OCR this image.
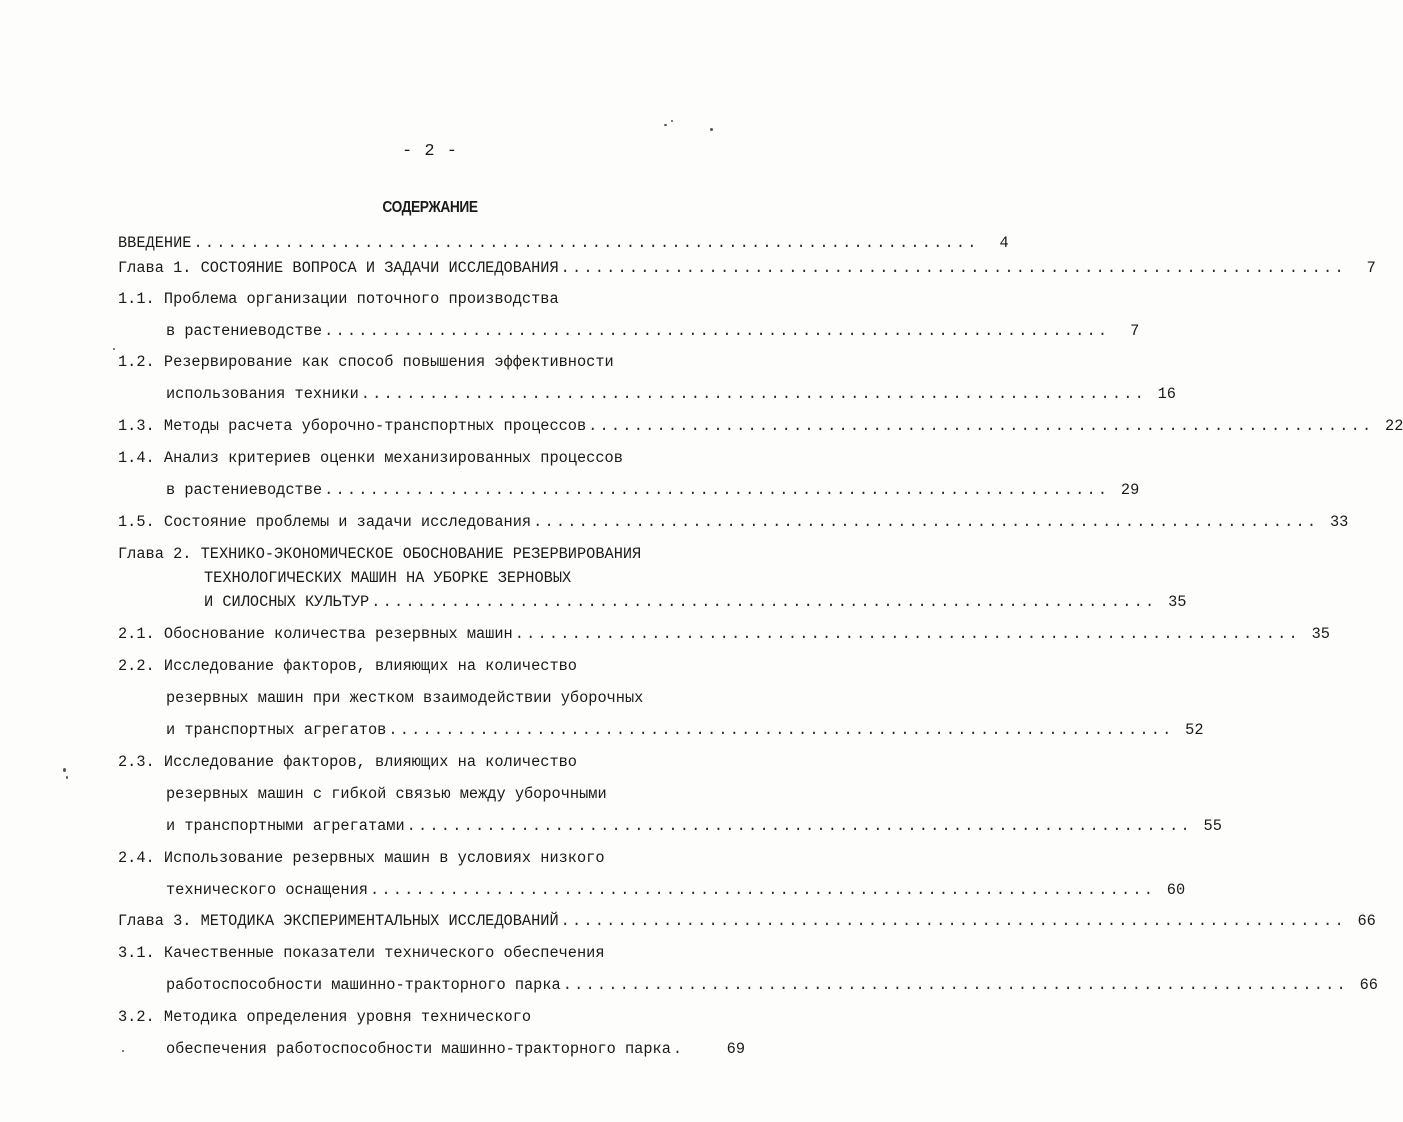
- 2 -
СОДЕРЖАНИЕ
ВВЕДЕНИЕ .....................................................................	4
Глава 1. СОСТОЯНИЕ ВОПРОСА И ЗАДАЧИ ИССЛЕДОВАНИЯ .....................................................................	7
1.1. Проблема организации поточного производства
в растениеводстве .....................................................................	7
1.2. Резервирование как способ повышения эффективности
использования техники ..................................................................... 16
1.3. Методы расчета уборочно-транспортных процессов ..................................................................... 22
1.4. Анализ критериев оценки механизированных процессов
в растениеводстве ..................................................................... 29
1.5. Состояние проблемы и задачи исследования ..................................................................... 33
Глава 2. ТЕХНИКО-ЭКОНОМИЧЕСКОЕ ОБОСНОВАНИЕ РЕЗЕРВИРОВАНИЯ
ТЕХНОЛОГИЧЕСКИХ МАШИН НА УБОРКЕ ЗЕРНОВЫХ
И СИЛОСНЫХ КУЛЬТУР ..................................................................... 35
2.1. Обоснование количества резервных машин ..................................................................... 35
2.2. Исследование факторов, влияющих на количество
резервных машин при жестком взаимодействии уборочных
и транспортных агрегатов ..................................................................... 52
2.3. Исследование факторов, влияющих на количество
резервных машин с гибкой связью между уборочными
и транспортными агрегатами ..................................................................... 55
2.4. Использование резервных машин в условиях низкого
технического оснащения ..................................................................... 60
Глава 3. МЕТОДИКА ЭКСПЕРИМЕНТАЛЬНЫХ ИССЛЕДОВАНИЙ ..................................................................... 66
3.1. Качественные показатели технического обеспечения
работоспособности машинно-тракторного парка ..................................................................... 66
3.2. Методика определения уровня технического
обеспечения работоспособности машинно-тракторного парка .	69
